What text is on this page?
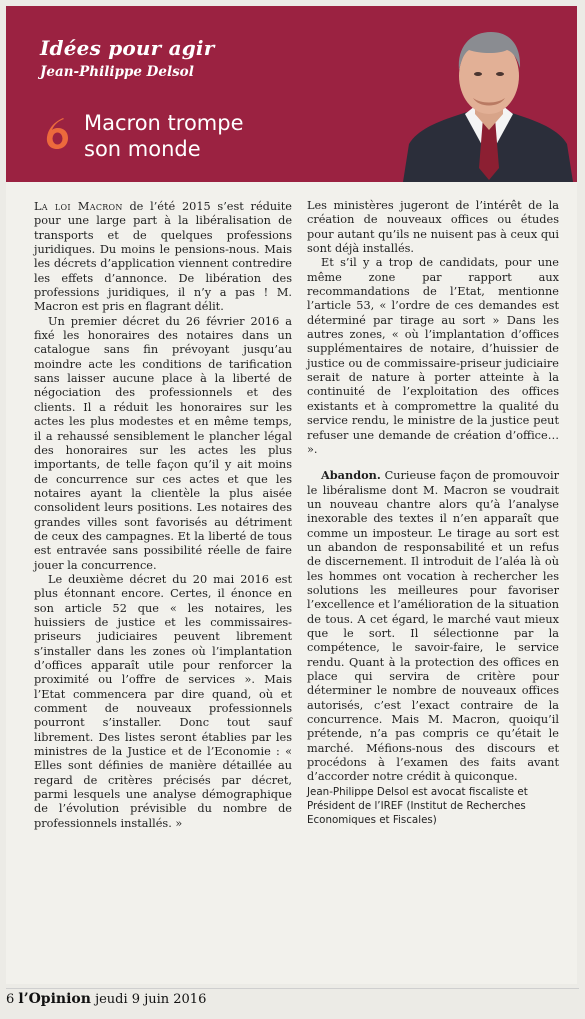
Idées pour agir
Jean-Philippe Delsol
Macron trompe
son monde

La loi Macron de l’été 2015 s’est réduite pour une large part à la libéralisation de transports et de quelques professions juridiques. Du moins le pensions-nous. Mais les décrets d’application viennent contredire les effets d’annonce. De libération des professions juridiques, il n’y a pas ! M. Macron est pris en flagrant délit.

Un premier décret du 26 février 2016 a fixé les honoraires des notaires dans un catalogue sans fin prévoyant jusqu’au moindre acte les conditions de tarification sans laisser aucune place à la liberté de négociation des professionnels et des clients. Il a réduit les honoraires sur les actes les plus modestes et en même temps, il a rehaussé sensiblement le plancher légal des honoraires sur les actes les plus importants, de telle façon qu’il y ait moins de concurrence sur ces actes et que les notaires ayant la clientèle la plus aisée consolident leurs positions. Les notaires des grandes villes sont favorisés au détriment de ceux des campagnes. Et la liberté de tous est entravée sans possibilité réelle de faire jouer la concurrence.

Le deuxième décret du 20 mai 2016 est plus étonnant encore. Certes, il énonce en son article 52 que « les notaires, les huissiers de justice et les commissaires-priseurs judiciaires peuvent librement s’installer dans les zones où l’implantation d’offices apparaît utile pour renforcer la proximité ou l’offre de services ». Mais l’Etat commencera par dire quand, où et comment de nouveaux professionnels pourront s’installer. Donc tout sauf librement. Des listes seront établies par les ministres de la Justice et de l’Economie : « Elles sont définies de manière détaillée au regard de critères précisés par décret, parmi lesquels une analyse démographique de l’évolution prévisible du nombre de professionnels installés. »

Les ministères jugeront de l’intérêt de la création de nouveaux offices ou études pour autant qu’ils ne nuisent pas à ceux qui sont déjà installés.

Et s’il y a trop de candidats, pour une même zone par rapport aux recommandations de l’Etat, mentionne l’article 53, « l’ordre de ces demandes est déterminé par tirage au sort » Dans les autres zones, « où l’implantation d’offices supplémentaires de notaire, d’huissier de justice ou de commissaire-priseur judiciaire serait de nature à porter atteinte à la continuité de l’exploitation des offices existants et à compromettre la qualité du service rendu, le ministre de la justice peut refuser une demande de création d’office… ».

Abandon. Curieuse façon de promouvoir le libéralisme dont M. Macron se voudrait un nouveau chantre alors qu’à l’analyse inexorable des textes il n’en apparaît que comme un imposteur. Le tirage au sort est un abandon de responsabilité et un refus de discernement. Il introduit de l’aléa là où les hommes ont vocation à rechercher les solutions les meilleures pour favoriser l’excellence et l’amélioration de la situation de tous. A cet égard, le marché vaut mieux que le sort. Il sélectionne par la compétence, le savoir-faire, le service rendu. Quant à la protection des offices en place qui servira de critère pour déterminer le nombre de nouveaux offices autorisés, c’est l’exact contraire de la concurrence. Mais M. Macron, quoiqu’il prétende, n’a pas compris ce qu’était le marché. Méfions-nous des discours et procédons à l’examen des faits avant d’accorder notre crédit à quiconque.

Jean-Philippe Delsol est avocat fiscaliste et Président de l’IREF (Institut de Recherches Economiques et Fiscales)

6 l’Opinion jeudi 9 juin 2016
